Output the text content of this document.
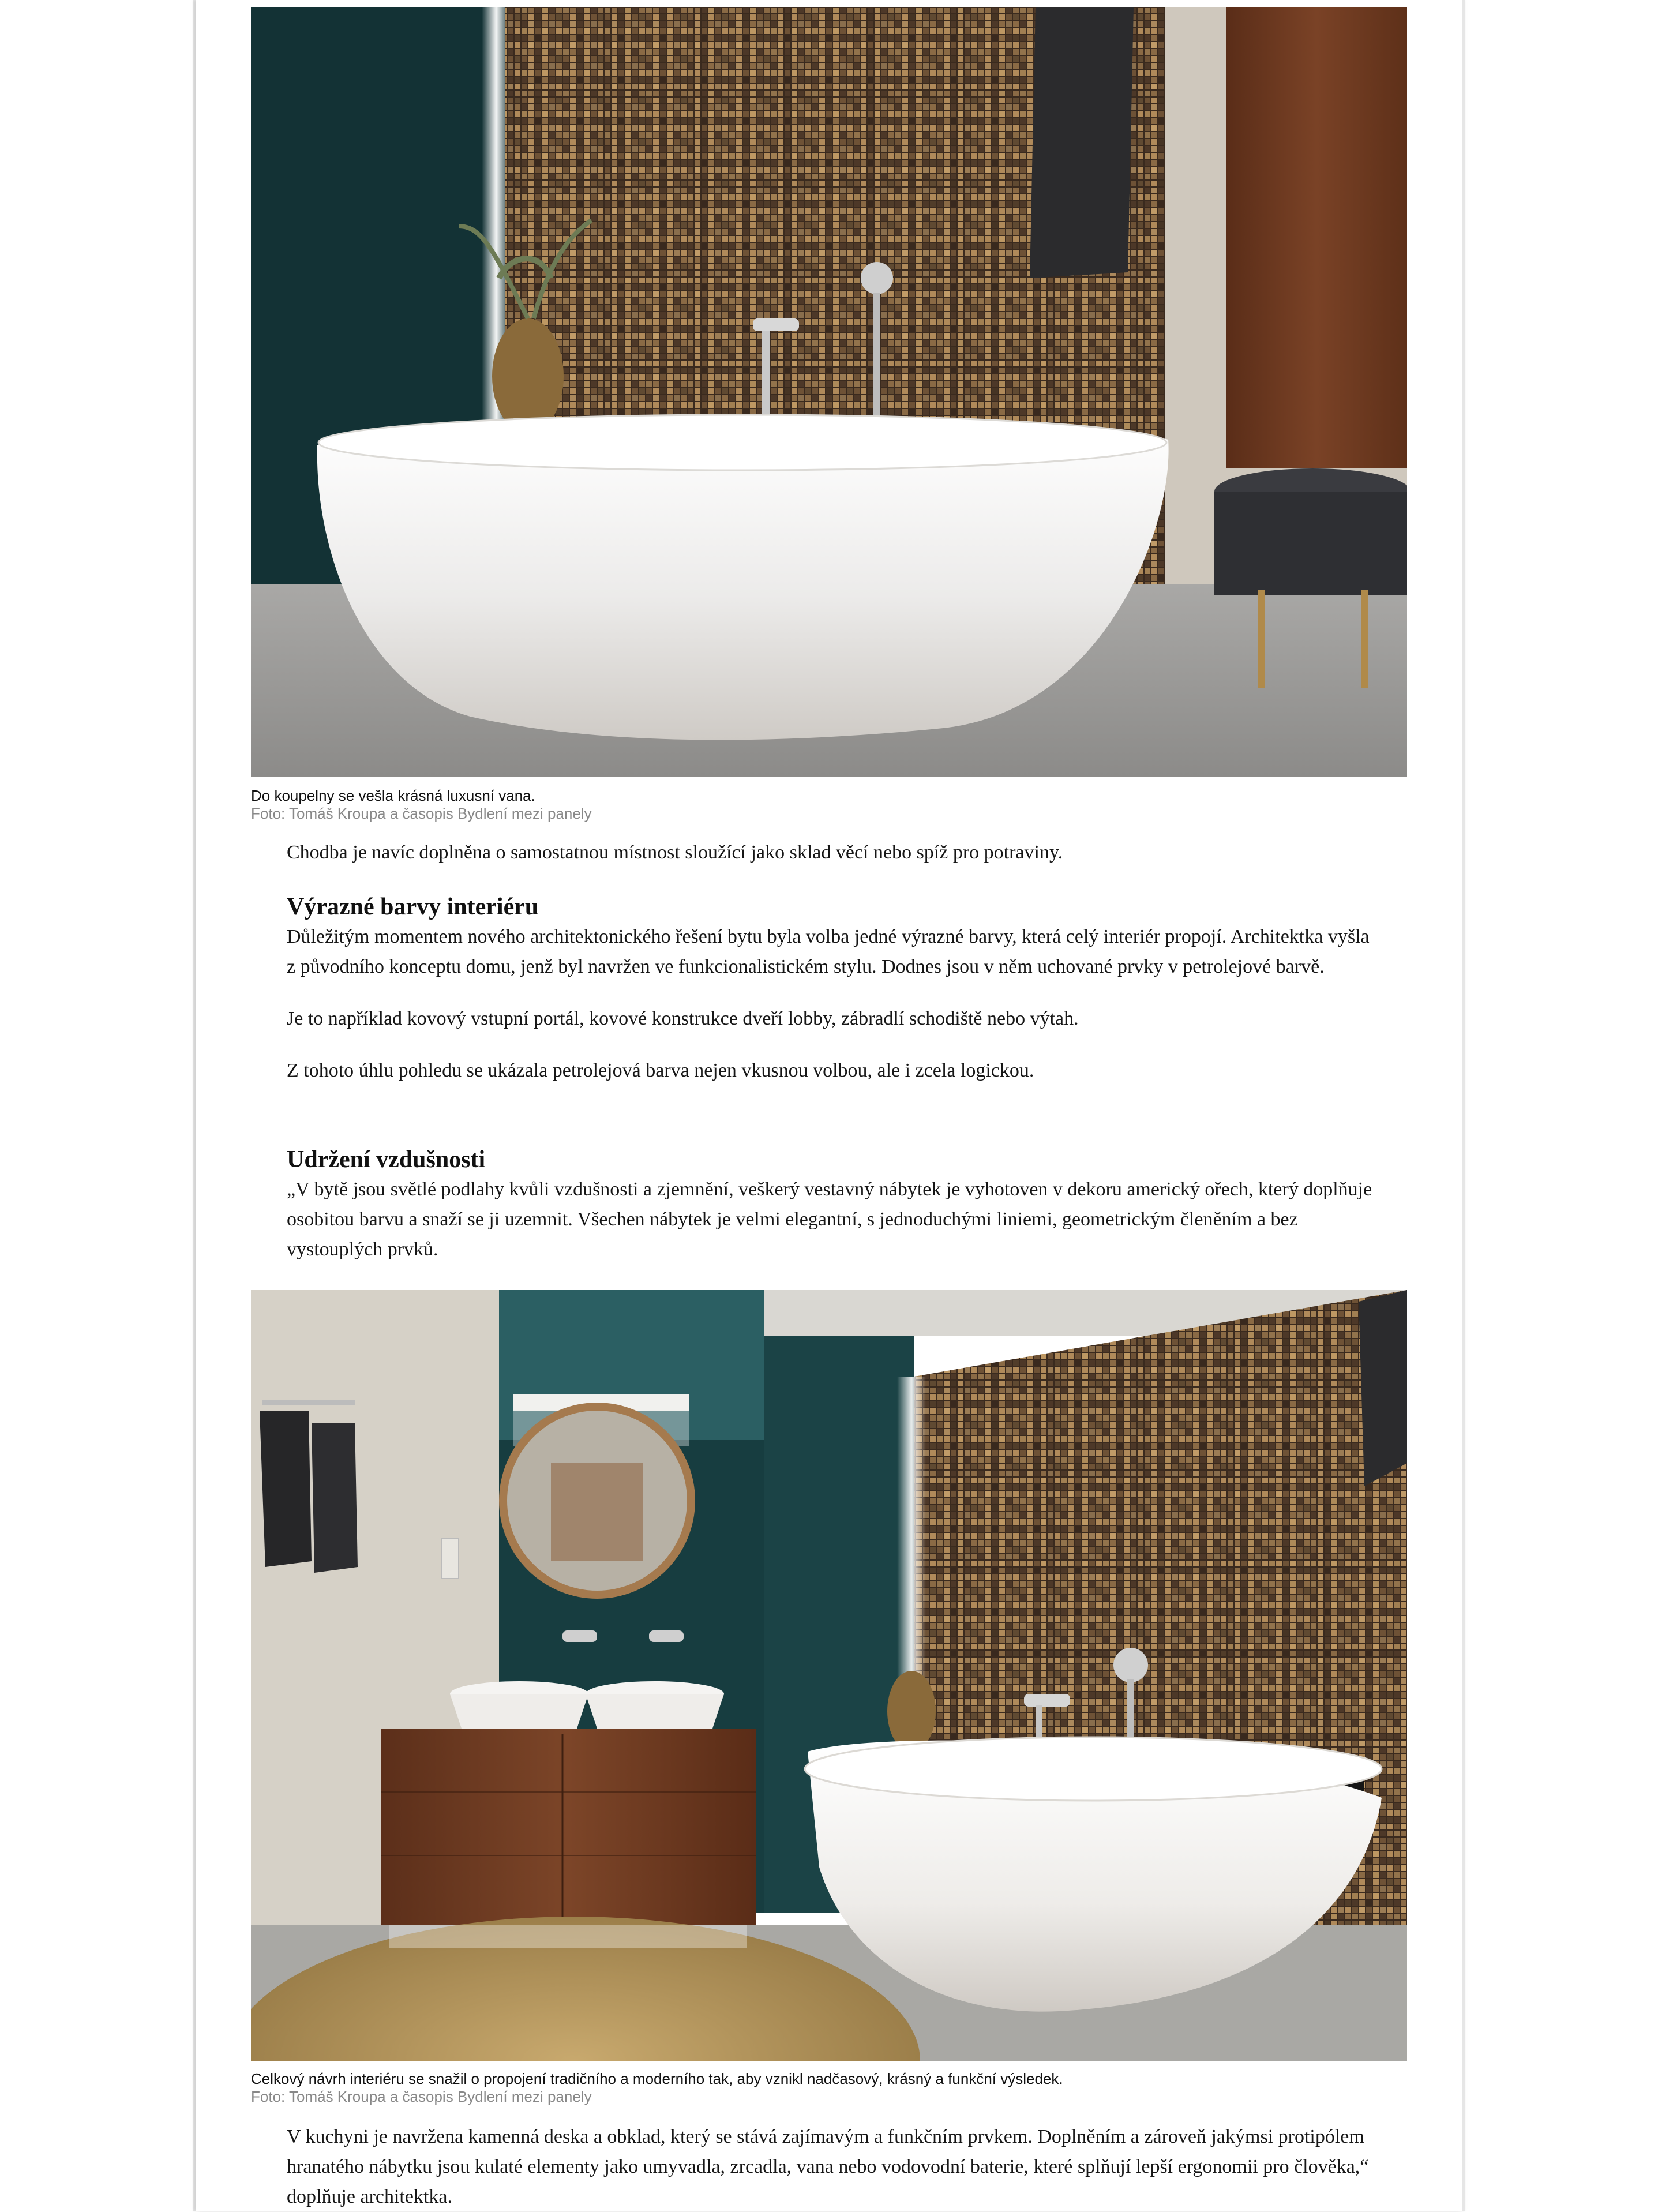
Do koupelny se vešla krásná luxusní vana.
Foto: Tomáš Kroupa a časopis Bydlení mezi panely

Chodba je navíc doplněna o samostatnou místnost sloužící jako sklad věcí nebo spíž pro potraviny.

Výrazné barvy interiéru

Důležitým momentem nového architektonického řešení bytu byla volba jedné výrazné barvy, která celý interiér propojí. Architektka vyšla z původního konceptu domu, jenž byl navržen ve funkcionalistickém stylu. Dodnes jsou v něm uchované prvky v petrolejové barvě.

Je to například kovový vstupní portál, kovové konstrukce dveří lobby, zábradlí schodiště nebo výtah.

Z tohoto úhlu pohledu se ukázala petrolejová barva nejen vkusnou volbou, ale i zcela logickou.

Udržení vzdušnosti

„V bytě jsou světlé podlahy kvůli vzdušnosti a zjemnění, veškerý vestavný nábytek je vyhotoven v dekoru americký ořech, který doplňuje osobitou barvu a snaží se ji uzemnit. Všechen nábytek je velmi elegantní, s jednoduchými liniemi, geometrickým členěním a bez vystouplých prvků.

Celkový návrh interiéru se snažil o propojení tradičního a moderního tak, aby vznikl nadčasový, krásný a funkční výsledek.
Foto: Tomáš Kroupa a časopis Bydlení mezi panely

V kuchyni je navržena kamenná deska a obklad, který se stává zajímavým a funkčním prvkem. Doplněním a zároveň jakýmsi protipólem hranatého nábytku jsou kulaté elementy jako umyvadla, zrcadla, vana nebo vodovodní baterie, které splňují lepší ergonomii pro člověka,“ doplňuje architektka.
